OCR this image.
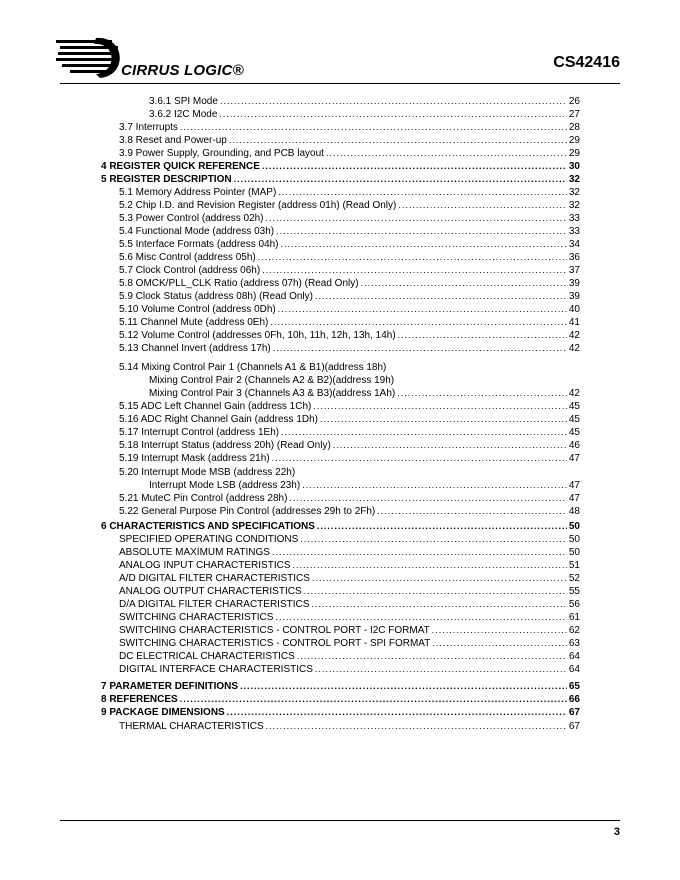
CIRRUS LOGIC®	CS42416
3.6.1 SPI Mode .....	26
3.6.2 I2C Mode .....	27
3.7 Interrupts .....	28
3.8 Reset and Power-up .....	29
3.9 Power Supply, Grounding, and PCB layout .....	29
4 REGISTER QUICK REFERENCE .....	30
5 REGISTER DESCRIPTION .....	32
5.1 Memory Address Pointer (MAP) .....	32
5.2 Chip I.D. and Revision Register (address 01h) (Read Only) .....	32
5.3 Power Control (address 02h) .....	33
5.4 Functional Mode (address 03h) .....	33
5.5 Interface Formats (address 04h) .....	34
5.6 Misc Control (address 05h) .....	36
5.7 Clock Control (address 06h) .....	37
5.8 OMCK/PLL_CLK Ratio (address 07h) (Read Only) .....	39
5.9 Clock Status (address 08h) (Read Only) .....	39
5.10 Volume Control (address 0Dh) .....	40
5.11 Channel Mute (address 0Eh) .....	41
5.12 Volume Control (addresses 0Fh, 10h, 11h, 12h, 13h, 14h) .....	42
5.13 Channel Invert (address 17h) .....	42
5.14 Mixing Control Pair 1 (Channels A1 & B1)(address 18h)
Mixing Control Pair 2 (Channels A2 & B2)(address 19h)
Mixing Control Pair 3 (Channels A3 & B3)(address 1Ah) .....	42
5.15 ADC Left Channel Gain (address 1Ch) .....	45
5.16 ADC Right Channel Gain (address 1Dh) .....	45
5.17 Interrupt Control (address 1Eh) .....	45
5.18 Interrupt Status (address 20h) (Read Only) .....	46
5.19 Interrupt Mask (address 21h) .....	47
5.20 Interrupt Mode MSB (address 22h)
Interrupt Mode LSB (address 23h) .....	47
5.21 MuteC Pin Control (address 28h) .....	47
5.22 General Purpose Pin Control (addresses 29h to 2Fh) .....	48
6 CHARACTERISTICS AND SPECIFICATIONS .....	50
SPECIFIED OPERATING CONDITIONS .....	50
ABSOLUTE MAXIMUM RATINGS .....	50
ANALOG INPUT CHARACTERISTICS .....	51
A/D DIGITAL FILTER CHARACTERISTICS .....	52
ANALOG OUTPUT CHARACTERISTICS .....	55
D/A DIGITAL FILTER CHARACTERISTICS .....	56
SWITCHING CHARACTERISTICS .....	61
SWITCHING CHARACTERISTICS - CONTROL PORT - I2C FORMAT .....	62
SWITCHING CHARACTERISTICS - CONTROL PORT - SPI FORMAT .....	63
DC ELECTRICAL CHARACTERISTICS .....	64
DIGITAL INTERFACE CHARACTERISTICS .....	64
7 PARAMETER DEFINITIONS .....	65
8 REFERENCES .....	66
9 PACKAGE DIMENSIONS .....	67
THERMAL CHARACTERISTICS .....	67
3
